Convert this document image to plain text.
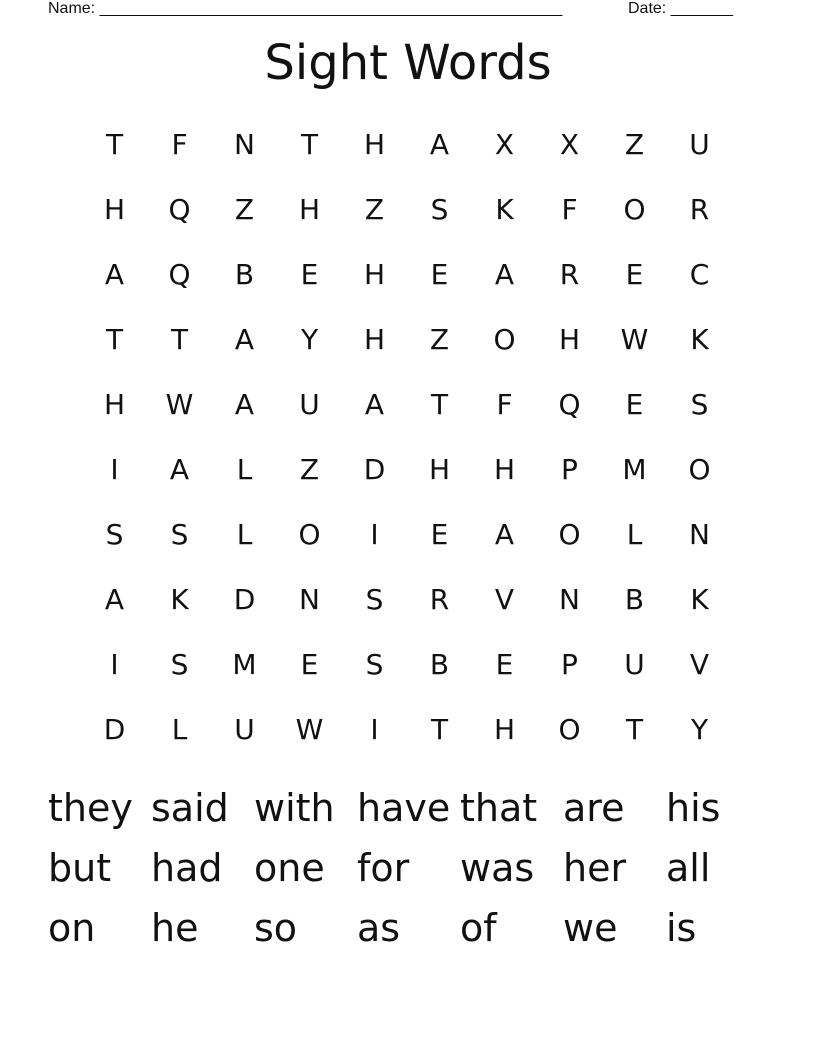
Name: ____________________________________________________	Date: _______
Sight Words
T	F	N	T	H	A	X	X	Z	U
H	Q	Z	H	Z	S	K	F	O	R
A	Q	B	E	H	E	A	R	E	C
T	T	A	Y	H	Z	O	H	W	K
H	W	A	U	A	T	F	Q	E	S
I	A	L	Z	D	H	H	P	M	O
S	S	L	O	I	E	A	O	L	N
A	K	D	N	S	R	V	N	B	K
I	S	M	E	S	B	E	P	U	V
D	L	U	W	I	T	H	O	T	Y
they said with have that are	his
but	had one for	was her	all
on	he	so	as	of	we	is
